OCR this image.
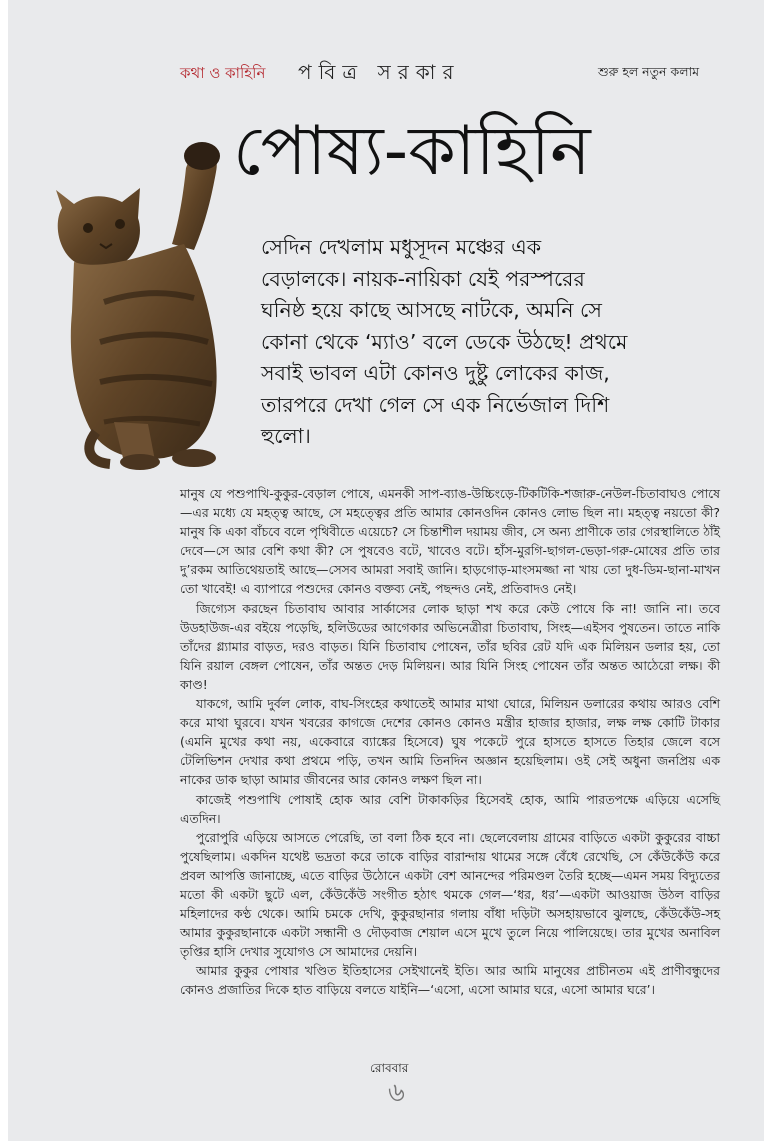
কথা ও কাহিনি পবিত্র সরকার	শুরু হল নতুন কলাম
পোষ্য-কাহিনি

সেদিন দেখলাম মধুসূদন মঞ্চের এক বেড়ালকে। নায়ক-নায়িকা যেই পরস্পরের ঘনিষ্ঠ হয়ে কাছে আসছে নাটকে, অমনি সে কোনা থেকে ‘ম্যাও’ বলে ডেকে উঠছে! প্রথমে সবাই ভাবল এটা কোনও দুষ্টু লোকের কাজ, তারপরে দেখা গেল সে এক নির্ভেজাল দিশি হুলো।

মানুষ যে পশুপাখি-কুকুর-বেড়াল পোষে, এমনকী সাপ-ব্যাঙ-উচ্চিংড়ে-টিকটিকি-শজারু-নেউল-চিতাবাঘও পোষে—এর মধ্যে যে মহত্ত্ব আছে, সে মহত্ত্বের প্রতি আমার কোনওদিন কোনও লোভ ছিল না। মহত্ত্ব নয়তো কী? মানুষ কি একা বাঁচবে বলে পৃথিবীতে এয়েচে? সে চিন্তাশীল দয়াময় জীব, সে অন্য প্রাণীকে তার গেরস্থালিতে ঠাঁই দেবে—সে আর বেশি কথা কী? সে পুষবেও বটে, খাবেও বটে। হাঁস-মুরগি-ছাগল-ভেড়া-গরু-মোষের প্রতি তার দু’রকম আতিথেয়তাই আছে—সেসব আমরা সবাই জানি। হাড়গোড়-মাংসমজ্জা না খায় তো দুধ-ডিম-ছানা-মাখন তো খাবেই! এ ব্যাপারে পশুদের কোনও বক্তব্য নেই, পছন্দও নেই, প্রতিবাদও নেই।

জিগ্যেস করছেন চিতাবাঘ আবার সার্কাসের লোক ছাড়া শখ করে কেউ পোষে কি না! জানি না। তবে উডহাউজ-এর বইয়ে পড়েছি, হলিউডের আগেকার অভিনেত্রীরা চিতাবাঘ, সিংহ—এইসব পুষতেন। তাতে নাকি তাঁদের গ্ল্যামার বাড়ত, দরও বাড়ত। যিনি চিতাবাঘ পোষেন, তাঁর ছবির রেট যদি এক মিলিয়ন ডলার হয়, তো যিনি রয়াল বেঙ্গল পোষেন, তাঁর অন্তত দেড় মিলিয়ন। আর যিনি সিংহ পোষেন তাঁর অন্তত আঠেরো লক্ষ। কী কাণ্ড!

যাকগে, আমি দুর্বল লোক, বাঘ-সিংহের কথাতেই আমার মাথা ঘোরে, মিলিয়ন ডলারের কথায় আরও বেশি করে মাথা ঘুরবে। যখন খবরের কাগজে দেশের কোনও কোনও মন্ত্রীর হাজার হাজার, লক্ষ লক্ষ কোটি টাকার (এমনি মুখের কথা নয়, একেবারে ব্যাঙ্কের হিসেবে) ঘুষ পকেটে পুরে হাসতে হাসতে তিহার জেলে বসে টেলিভিশন দেখার কথা প্রথমে পড়ি, তখন আমি তিনদিন অজ্ঞান হয়েছিলাম। ওই সেই অধুনা জনপ্রিয় এক নাকের ডাক ছাড়া আমার জীবনের আর কোনও লক্ষণ ছিল না।

কাজেই পশুপাখি পোষাই হোক আর বেশি টাকাকড়ির হিসেবই হোক, আমি পারতপক্ষে এড়িয়ে এসেছি এতদিন।

পুরোপুরি এড়িয়ে আসতে পেরেছি, তা বলা ঠিক হবে না। ছেলেবেলায় গ্রামের বাড়িতে একটা কুকুরের বাচ্চা পুষেছিলাম। একদিন যথেষ্ট ভদ্রতা করে তাকে বাড়ির বারান্দায় থামের সঙ্গে বেঁধে রেখেছি, সে কেঁউকেঁউ করে প্রবল আপত্তি জানাচ্ছে, এতে বাড়ির উঠোনে একটা বেশ আনন্দের পরিমণ্ডল তৈরি হচ্ছে—এমন সময় বিদ্যুতের মতো কী একটা ছুটে এল, কেঁউকেঁউ সংগীত হঠাৎ থমকে গেল—‘ধর, ধর’—একটা আওয়াজ উঠল বাড়ির মহিলাদের কণ্ঠ থেকে। আমি চমকে দেখি, কুকুরছানার গলায় বাঁধা দড়িটা অসহায়ভাবে ঝুলছে, কেঁউকেঁউ-সহ আমার কুকুরছানাকে একটা সন্ধানী ও দৌড়বাজ শেয়াল এসে মুখে তুলে নিয়ে পালিয়েছে। তার মুখের অনাবিল তৃপ্তির হাসি দেখার সুযোগও সে আমাদের দেয়নি।

আমার কুকুর পোষার খণ্ডিত ইতিহাসের সেইখানেই ইতি। আর আমি মানুষের প্রাচীনতম এই প্রাণীবন্ধুদের কোনও প্রজাতির দিকে হাত বাড়িয়ে বলতে যাইনি—‘এসো, এসো আমার ঘরে, এসো আমার ঘরে’।

রোববার
৬
